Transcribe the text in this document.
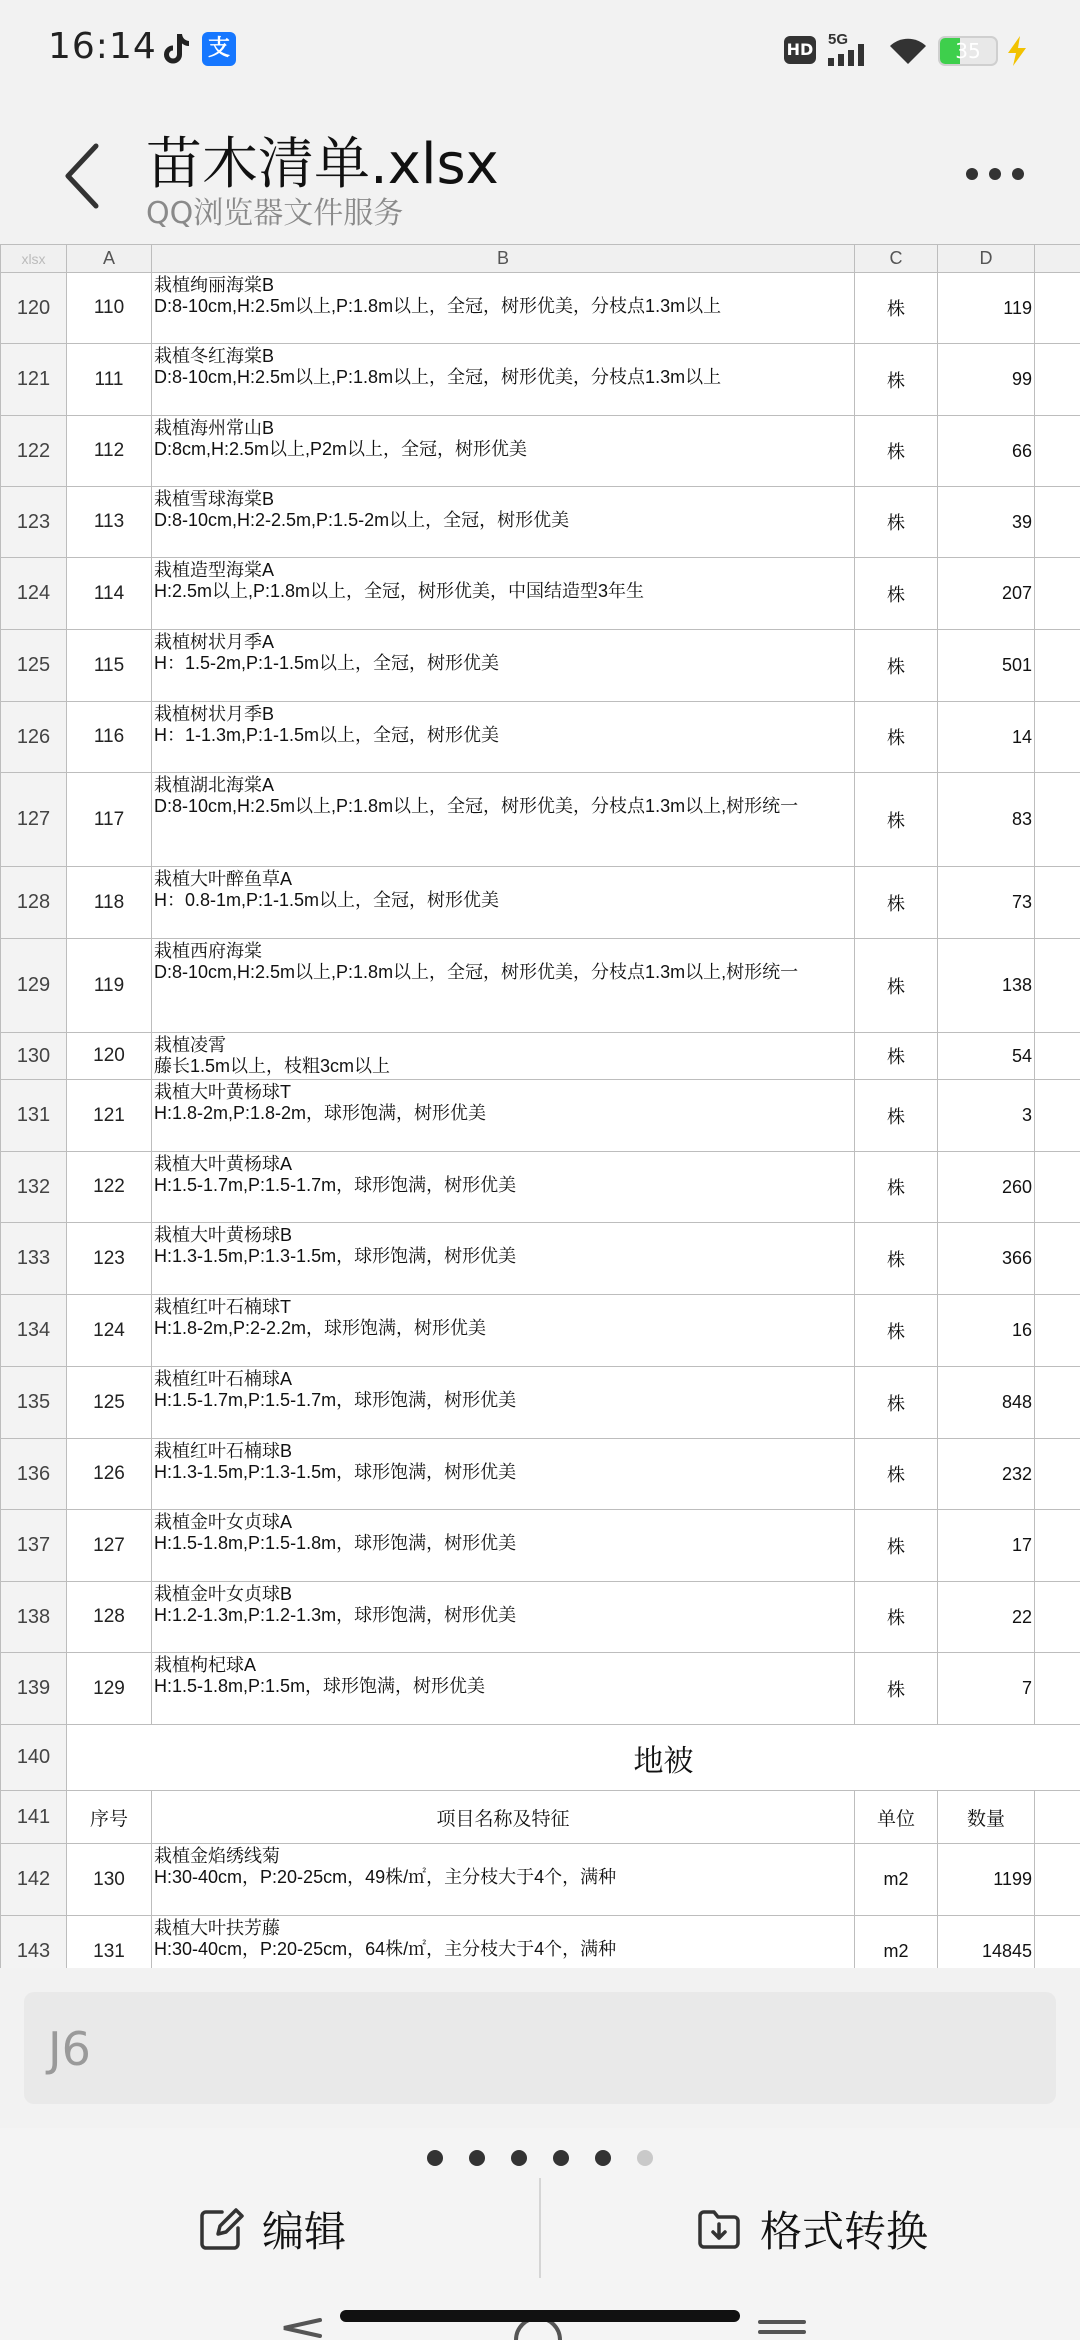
16:14 支	HD
5G	35
苗木清单.xlsx
QQ浏览器文件服务
xlsx	A	B	C	D	
120	110	栽植绚丽海棠B
D:8-10cm,H:2.5m以上,P:1.8m以上，全冠，树形优美，分枝点1.3m以上	株	119	
121	111	栽植冬红海棠B
D:8-10cm,H:2.5m以上,P:1.8m以上，全冠，树形优美，分枝点1.3m以上	株	99	
122	112	栽植海州常山B
D:8cm,H:2.5m以上,P2m以上，全冠，树形优美	株	66	
123	113	栽植雪球海棠B
D:8-10cm,H:2-2.5m,P:1.5-2m以上，全冠，树形优美	株	39	
124	114	栽植造型海棠A
H:2.5m以上,P:1.8m以上，全冠，树形优美，中国结造型3年生	株	207	
125	115	栽植树状月季A
H：1.5-2m,P:1-1.5m以上，全冠，树形优美	株	501	
126	116	栽植树状月季B
H：1-1.3m,P:1-1.5m以上，全冠，树形优美	株	14	
127	117	栽植湖北海棠A
D:8-10cm,H:2.5m以上,P:1.8m以上，全冠，树形优美，分枝点1.3m以上,树形统一	株	83	
128	118	栽植大叶醉鱼草A
H：0.8-1m,P:1-1.5m以上，全冠，树形优美	株	73	
129	119	栽植西府海棠
D:8-10cm,H:2.5m以上,P:1.8m以上，全冠，树形优美，分枝点1.3m以上,树形统一	株	138	
130	120	栽植凌霄
藤长1.5m以上，枝粗3cm以上	株	54	
131	121	栽植大叶黄杨球T
H:1.8-2m,P:1.8-2m，球形饱满，树形优美	株	3	
132	122	栽植大叶黄杨球A
H:1.5-1.7m,P:1.5-1.7m，球形饱满，树形优美	株	260	
133	123	栽植大叶黄杨球B
H:1.3-1.5m,P:1.3-1.5m，球形饱满，树形优美	株	366	
134	124	栽植红叶石楠球T
H:1.8-2m,P:2-2.2m，球形饱满，树形优美	株	16	
135	125	栽植红叶石楠球A
H:1.5-1.7m,P:1.5-1.7m，球形饱满，树形优美	株	848	
136	126	栽植红叶石楠球B
H:1.3-1.5m,P:1.3-1.5m，球形饱满，树形优美	株	232	
137	127	栽植金叶女贞球A
H:1.5-1.8m,P:1.5-1.8m，球形饱满，树形优美	株	17	
138	128	栽植金叶女贞球B
H:1.2-1.3m,P:1.2-1.3m，球形饱满，树形优美	株	22	
139	129	栽植枸杞球A
H:1.5-1.8m,P:1.5m，球形饱满，树形优美	株	7	
140	地被				
141	序号	项目名称及特征	单位	数量	
142	130	栽植金焰绣线菊
H:30-40cm，P:20-25cm，49株/㎡，主分枝大于4个，满种	m2	1199	
143	131	栽植大叶扶芳藤
H:30-40cm，P:20-25cm，64株/㎡，主分枝大于4个，满种	m2	14845	
J6
编辑	格式转换
